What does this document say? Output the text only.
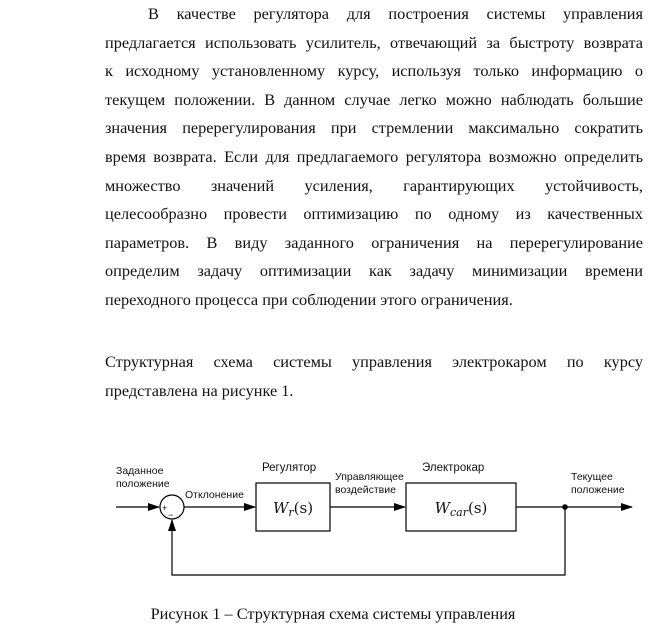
В качестве регулятора для построения системы управления
предлагается использовать усилитель, отвечающий за быстроту возврата
к исходному установленному курсу, используя только информацию о
текущем положении. В данном случае легко можно наблюдать большие
значения перерегулирования при стремлении максимально сократить
время возврата. Если для предлагаемого регулятора возможно определить
множество значений усиления, гарантирующих устойчивость,
целесообразно провести оптимизацию по одному из качественных
параметров. В виду заданного ограничения на перерегулирование
определим задачу оптимизации как задачу минимизации времени
переходного процесса при соблюдении этого ограничения.
Структурная схема системы управления электрокаром по курсу
представлена на рисунке 1.
Заданное
положение
Отклонение
Управляющее
воздействие
Текущее
положение
Регулятор	Электрокар
+
−	$W_r(s)$	$W_{car}(s)$
Рисунок 1 – Структурная схема системы управления
